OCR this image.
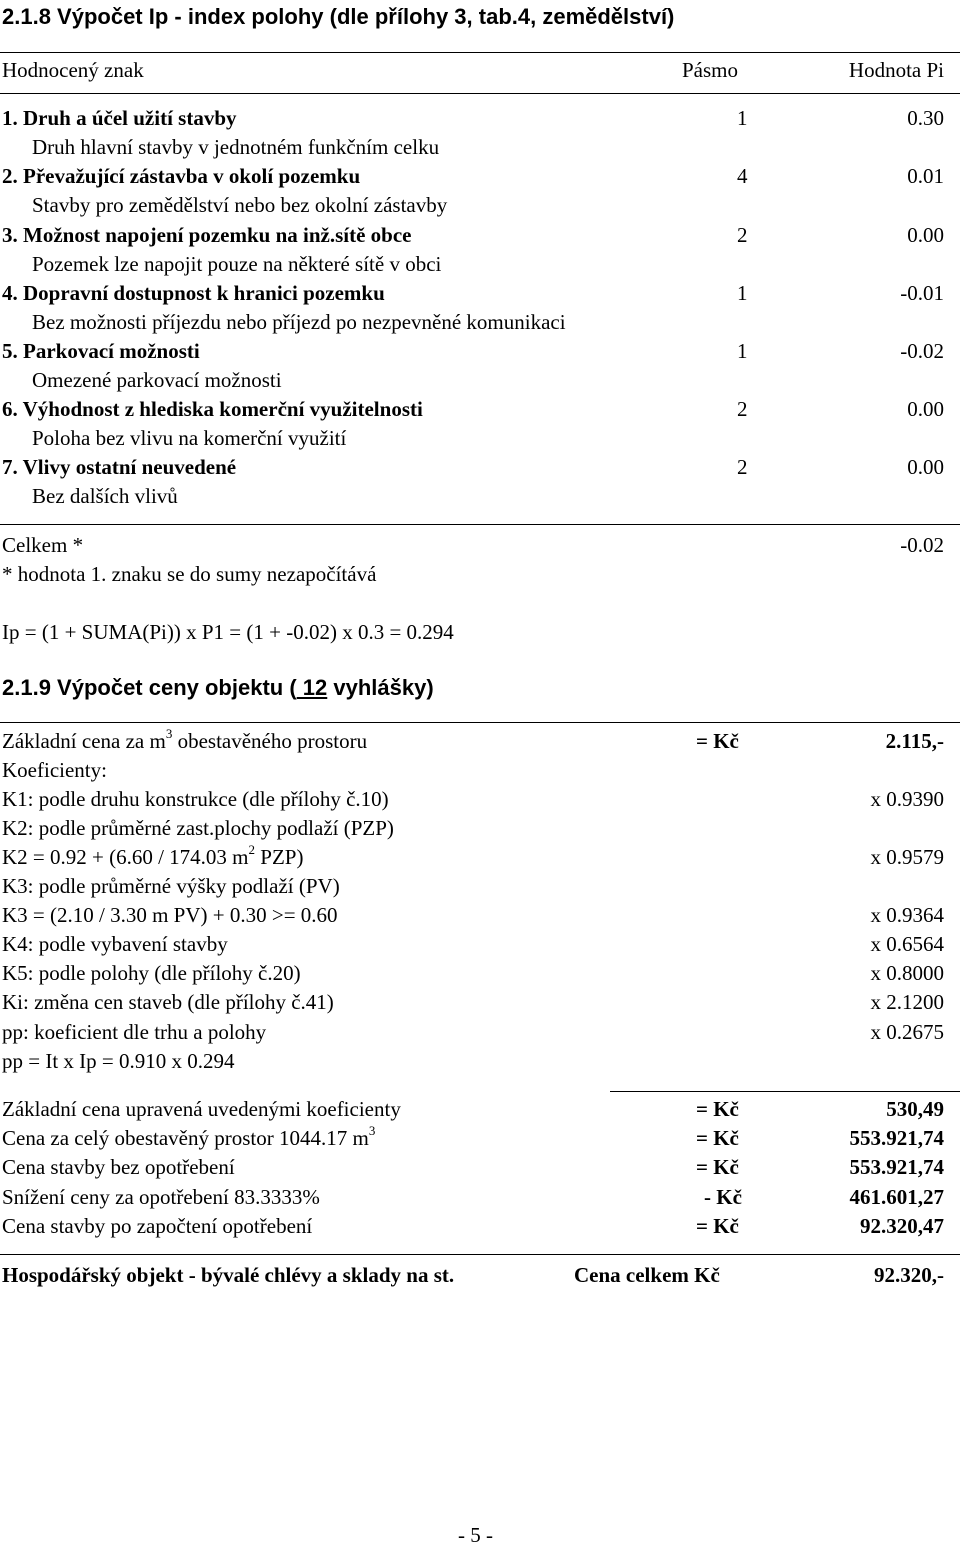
2.1.8 Výpočet Ip - index polohy (dle přílohy 3, tab.4, zemědělství)
Hodnocený znak	Pásmo	Hodnota Pi
1. Druh a účel užití stavby	1	0.30
Druh hlavní stavby v jednotném funkčním celku
2. Převažující zástavba v okolí pozemku	4	0.01
Stavby pro zemědělství nebo bez okolní zástavby
3. Možnost napojení pozemku na inž.sítě obce	2	0.00
Pozemek lze napojit pouze na některé sítě v obci
4. Dopravní dostupnost k hranici pozemku	1	-0.01
Bez možnosti příjezdu nebo příjezd po nezpevněné komunikaci
5. Parkovací možnosti	1	-0.02
Omezené parkovací možnosti
6. Výhodnost z hlediska komerční využitelnosti	2	0.00
Poloha bez vlivu na komerční využití
7. Vlivy ostatní neuvedené	2	0.00
Bez dalších vlivů
Celkem *	-0.02
* hodnota 1. znaku se do sumy nezapočítává
Ip = (1 + SUMA(Pi)) x P1 = (1 + -0.02) x 0.3 = 0.294
2.1.9 Výpočet ceny objektu ( 12 vyhlášky)
Základní cena za $m^3$ obestavěného prostoru	= Kč	2.115,-
Koeficienty:
K1: podle druhu konstrukce (dle přílohy č.10)	x 0.9390
K2: podle průměrné zast.plochy podlaží (PZP)
K2 = 0.92 + (6.60 / 174.03 $m^2$ PZP)	x 0.9579
K3: podle průměrné výšky podlaží (PV)
K3 = (2.10 / 3.30 m PV) + 0.30 >= 0.60	x 0.9364
K4: podle vybavení stavby	x 0.6564
K5: podle polohy (dle přílohy č.20)	x 0.8000
Ki: změna cen staveb (dle přílohy č.41)	x 2.1200
pp: koeficient dle trhu a polohy	x 0.2675
pp = It x Ip = 0.910 x 0.294
Základní cena upravená uvedenými koeficienty	= Kč	530,49
Cena za celý obestavěný prostor 1044.17 $m^3$	= Kč	553.921,74
Cena stavby bez opotřebení	= Kč	553.921,74
Snížení ceny za opotřebení 83.3333%	- Kč	461.601,27
Cena stavby po započtení opotřebení	= Kč	92.320,47
Hospodářský objekt - bývalé chlévy a sklady na st.	Cena celkem Kč	92.320,-
- 5 -
